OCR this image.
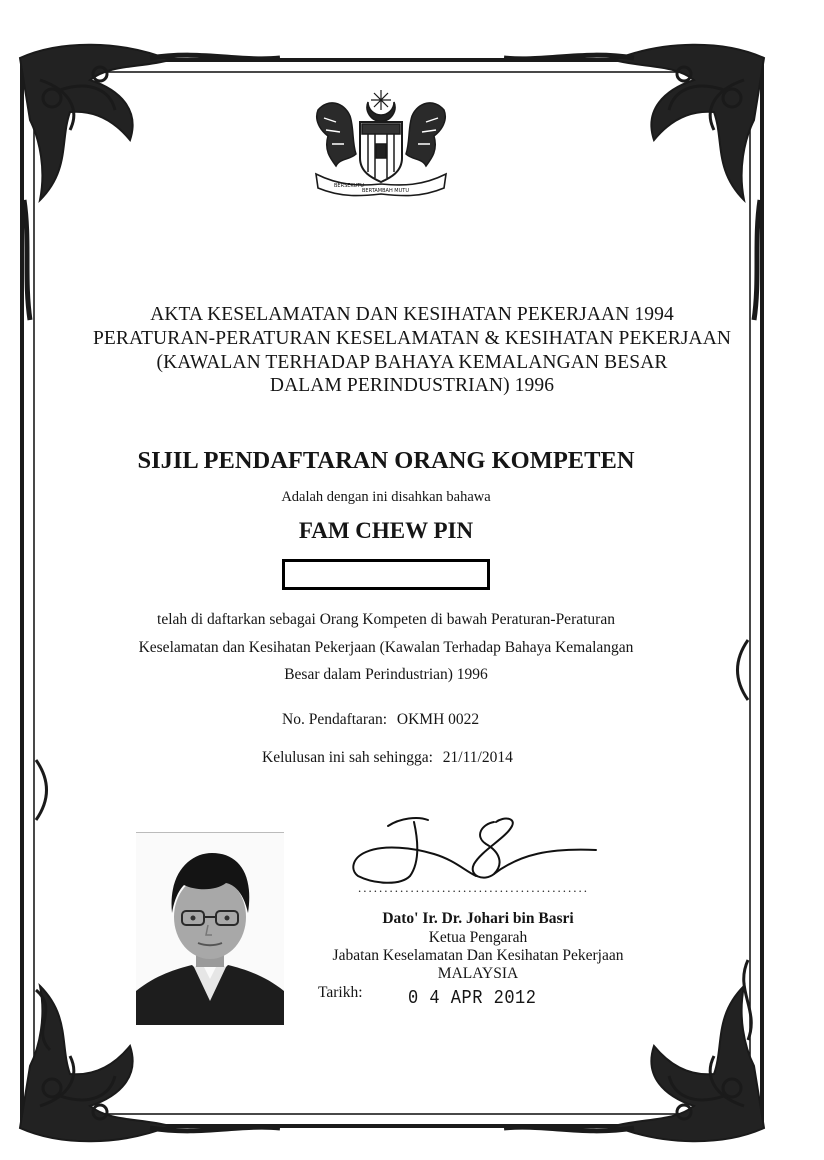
BERSEKUTU
BERTAMBAH MUTU
AKTA KESELAMATAN DAN KESIHATAN PEKERJAAN 1994
PERATURAN-PERATURAN KESELAMATAN & KESIHATAN PEKERJAAN
(KAWALAN TERHADAP BAHAYA KEMALANGAN BESAR
DALAM PERINDUSTRIAN) 1996
SIJIL PENDAFTARAN ORANG KOMPETEN
Adalah dengan ini disahkan bahawa
FAM CHEW PIN
telah di daftarkan sebagai Orang Kompeten di bawah Peraturan-Peraturan
Keselamatan dan Kesihatan Pekerjaan (Kawalan Terhadap Bahaya Kemalangan
Besar dalam Perindustrian) 1996
No. Pendaftaran: OKMH 0022
Kelulusan ini sah sehingga: 21/11/2014
............................................
Dato' Ir. Dr. Johari bin Basri
Ketua Pengarah
Jabatan Keselamatan Dan Kesihatan Pekerjaan
MALAYSIA
Tarikh:	0 4 APR 2012
